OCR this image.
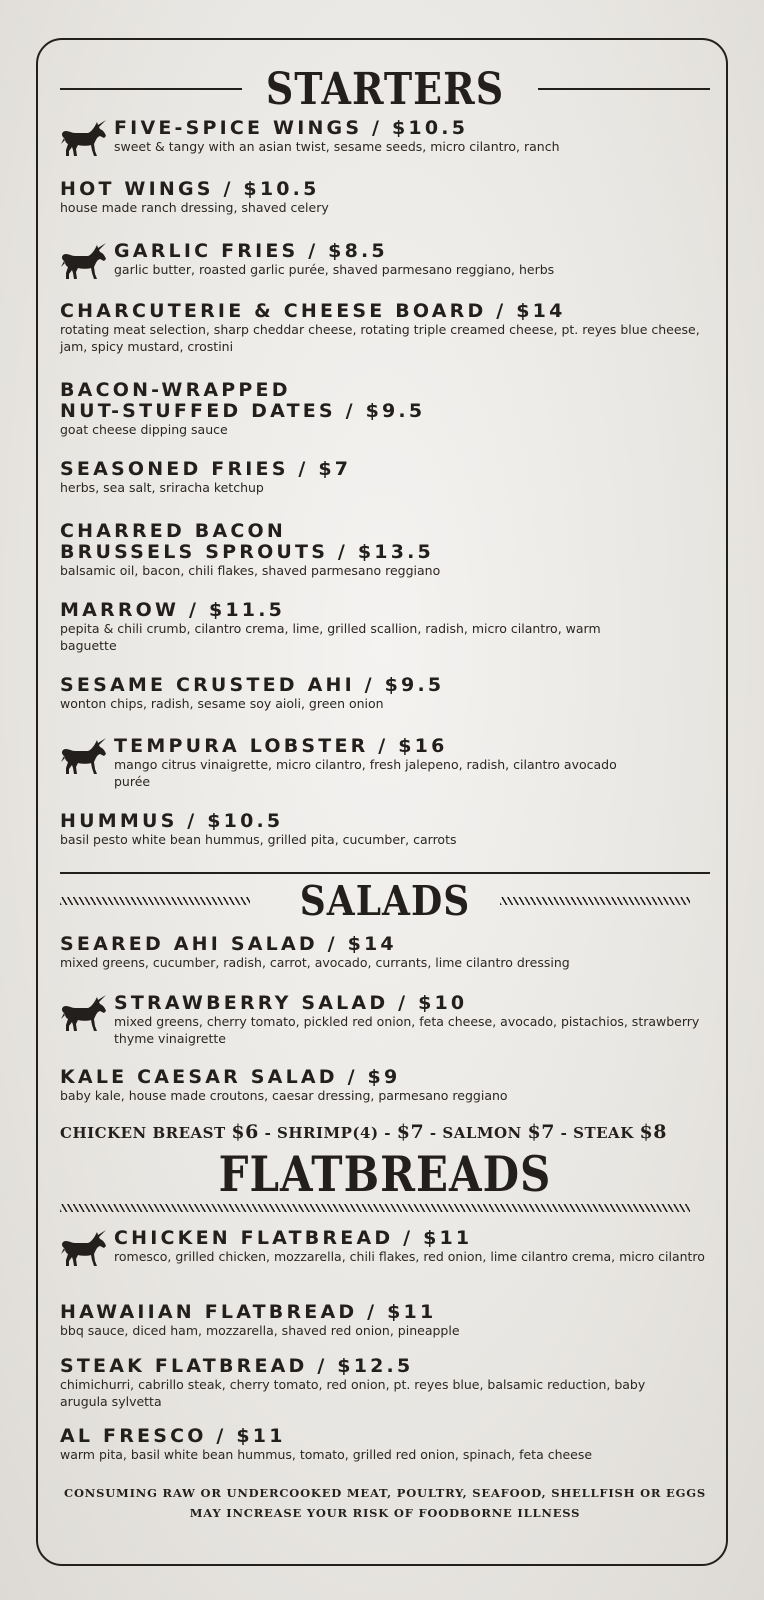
STARTERS
FIVE-SPICE WINGS / $10.5
sweet & tangy with an asian twist, sesame seeds, micro cilantro, ranch
HOT WINGS / $10.5
house made ranch dressing, shaved celery
GARLIC FRIES / $8.5
garlic butter, roasted garlic purée, shaved parmesano reggiano, herbs
CHARCUTERIE & CHEESE BOARD / $14
rotating meat selection, sharp cheddar cheese, rotating triple creamed cheese, pt. reyes blue cheese, jam, spicy mustard, crostini
BACON-WRAPPED
NUT-STUFFED DATES / $9.5
goat cheese dipping sauce
SEASONED FRIES / $7
herbs, sea salt, sriracha ketchup
CHARRED BACON
BRUSSELS SPROUTS / $13.5
balsamic oil, bacon, chili flakes, shaved parmesano reggiano
MARROW / $11.5
pepita & chili crumb, cilantro crema, lime, grilled scallion, radish, micro cilantro, warm baguette
SESAME CRUSTED AHI / $9.5
wonton chips, radish, sesame soy aioli, green onion
TEMPURA LOBSTER / $16
mango citrus vinaigrette, micro cilantro, fresh jalepeno, radish, cilantro avocado purée
HUMMUS / $10.5
basil pesto white bean hummus, grilled pita, cucumber, carrots
SALADS
SEARED AHI SALAD / $14
mixed greens, cucumber, radish, carrot, avocado, currants, lime cilantro dressing
STRAWBERRY SALAD / $10
mixed greens, cherry tomato, pickled red onion, feta cheese, avocado, pistachios, strawberry thyme vinaigrette
KALE CAESAR SALAD / $9
baby kale, house made croutons, caesar dressing, parmesano reggiano
CHICKEN BREAST $6 - SHRIMP(4) - $7 - SALMON $7 - STEAK $8
FLATBREADS
CHICKEN FLATBREAD / $11
romesco, grilled chicken, mozzarella, chili flakes, red onion, lime cilantro crema, micro cilantro
HAWAIIAN FLATBREAD / $11
bbq sauce, diced ham, mozzarella, shaved red onion, pineapple
STEAK FLATBREAD / $12.5
chimichurri, cabrillo steak, cherry tomato, red onion, pt. reyes blue, balsamic reduction, baby arugula sylvetta
AL FRESCO / $11
warm pita, basil white bean hummus, tomato, grilled red onion, spinach, feta cheese
CONSUMING RAW OR UNDERCOOKED MEAT, POULTRY, SEAFOOD, SHELLFISH OR EGGS
MAY INCREASE YOUR RISK OF FOODBORNE ILLNESS
